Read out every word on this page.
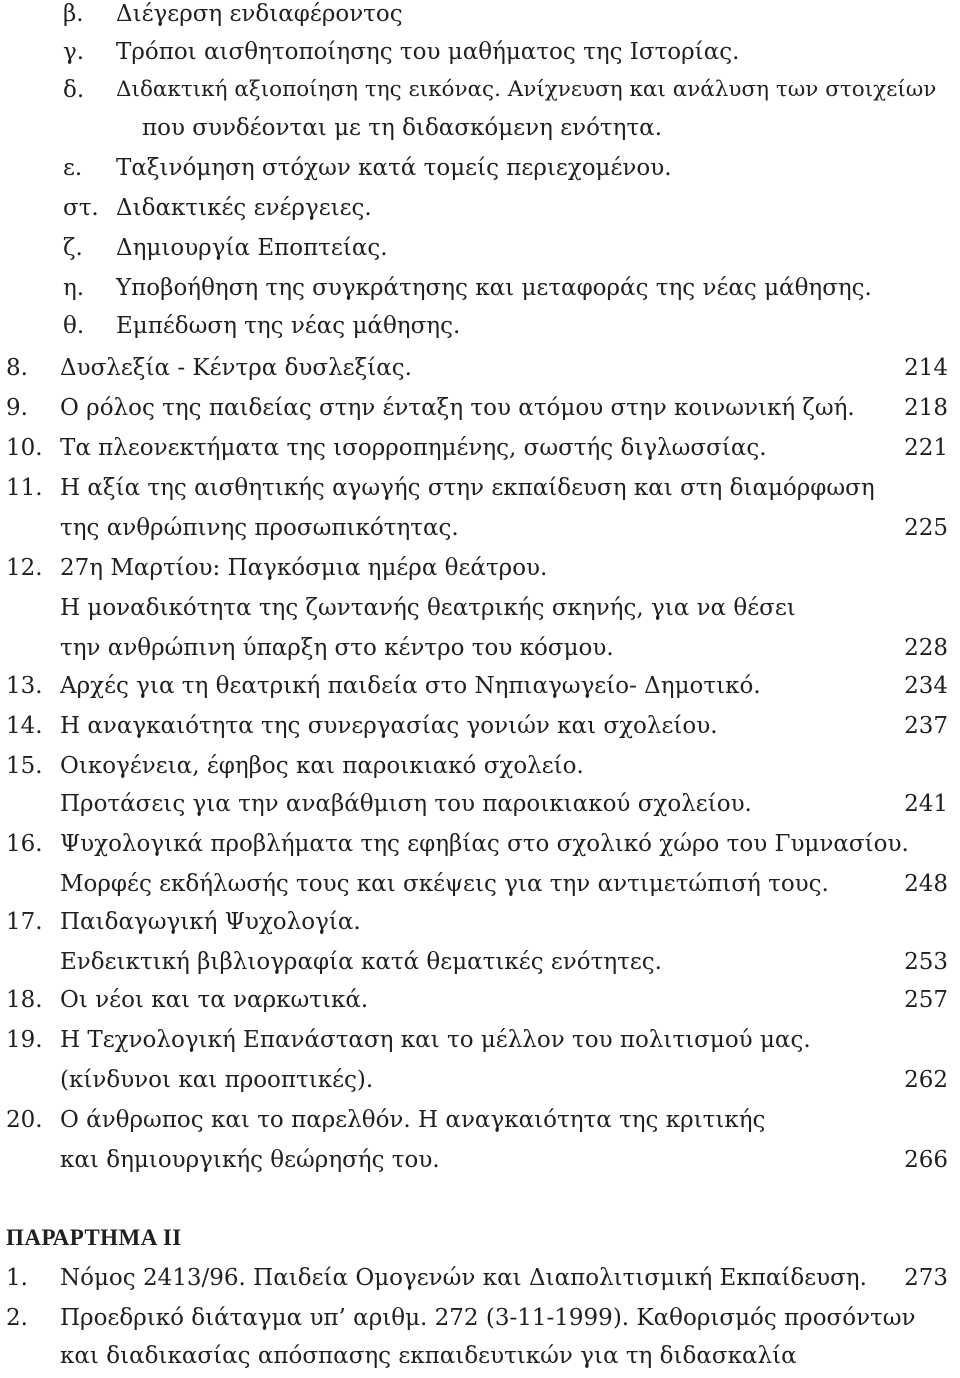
β. Διέγερση ενδιαφέροντος
γ. Τρόποι αισθητοποίησης του μαθήματος της Ιστορίας.
δ. Διδακτική αξιοποίηση της εικόνας. Ανίχνευση και ανάλυση των στοιχείων
που συνδέονται με τη διδασκόμενη ενότητα.
ε. Ταξινόμηση στόχων κατά τομείς περιεχομένου.
στ. Διδακτικές ενέργειες.
ζ. Δημιουργία Εποπτείας.
η. Υποβοήθηση της συγκράτησης και μεταφοράς της νέας μάθησης.
θ. Εμπέδωση της νέας μάθησης.
8. Δυσλεξία - Κέντρα δυσλεξίας.	214
9. Ο ρόλος της παιδείας στην ένταξη του ατόμου στην κοινωνική ζωή. 218
10. Τα πλεονεκτήματα της ισορροπημένης, σωστής διγλωσσίας.	221
11. Η αξία της αισθητικής αγωγής στην εκπαίδευση και στη διαμόρφωση
της ανθρώπινης προσωπικότητας.	225
12. 27η Μαρτίου: Παγκόσμια ημέρα θεάτρου.
Η μοναδικότητα της ζωντανής θεατρικής σκηνής, για να θέσει
την ανθρώπινη ύπαρξη στο κέντρο του κόσμου.	228
13. Αρχές για τη θεατρική παιδεία στο Νηπιαγωγείο- Δημοτικό.	234
14. Η αναγκαιότητα της συνεργασίας γονιών και σχολείου.	237
15. Οικογένεια, έφηβος και παροικιακό σχολείο.
Προτάσεις για την αναβάθμιση του παροικιακού σχολείου.	241
16. Ψυχολογικά προβλήματα της εφηβίας στο σχολικό χώρο του Γυμνασίου.
Μορφές εκδήλωσής τους και σκέψεις για την αντιμετώπισή τους.	248
17. Παιδαγωγική Ψυχολογία.
Ενδεικτική βιβλιογραφία κατά θεματικές ενότητες.	253
18. Οι νέοι και τα ναρκωτικά.	257
19. Η Τεχνολογική Επανάσταση και το μέλλον του πολιτισμού μας.
(κίνδυνοι και προοπτικές).	262
20. Ο άνθρωπος και το παρελθόν. Η αναγκαιότητα της κριτικής
και δημιουργικής θεώρησής του.	266
ΠΑΡΑΡΤΗΜΑ ΙΙ
1. Νόμος 2413/96. Παιδεία Ομογενών και Διαπολιτισμική Εκπαίδευση. 273
2. Προεδρικό διάταγμα υπ’ αριθμ. 272 (3-11-1999). Καθορισμός προσόντων
και διαδικασίας απόσπασης εκπαιδευτικών για τη διδασκαλία
